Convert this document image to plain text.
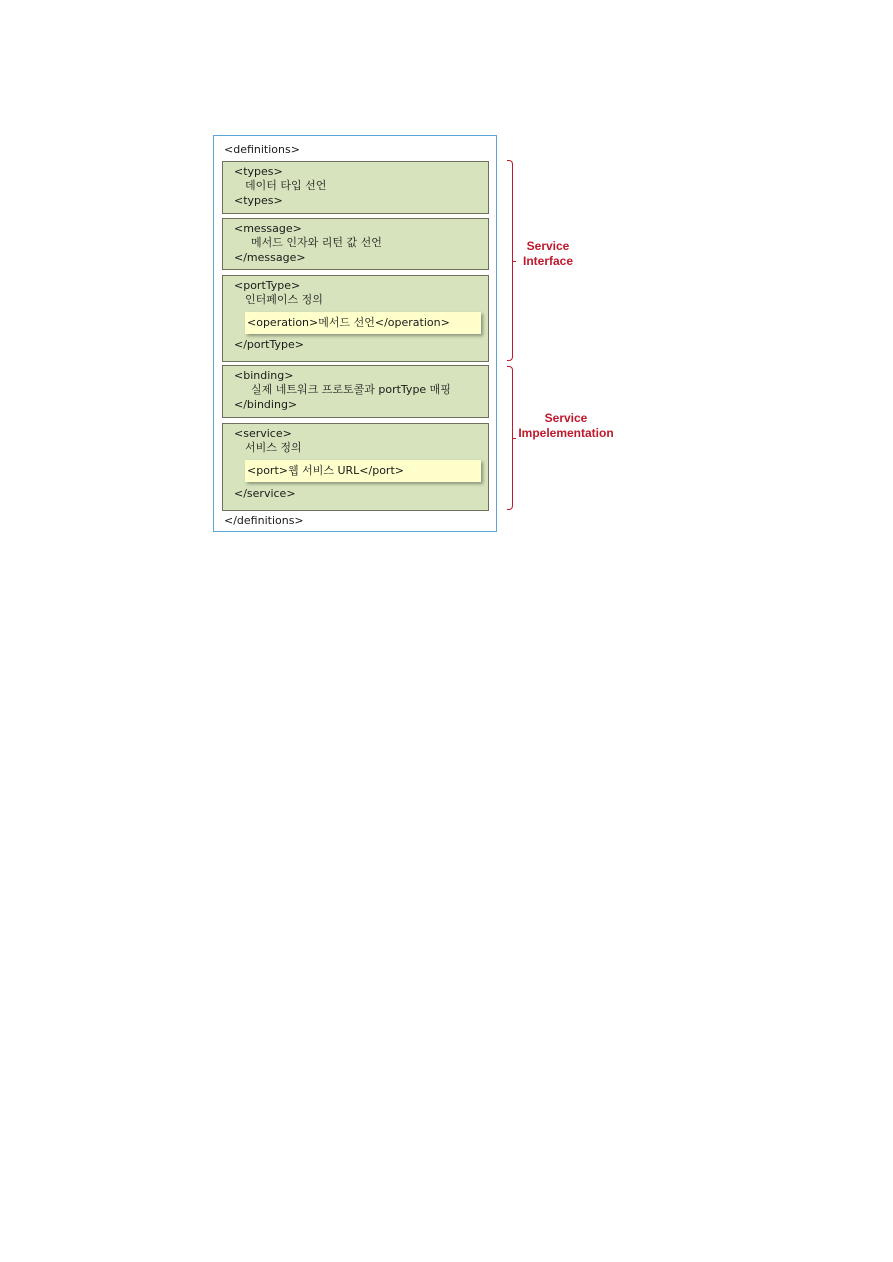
<definitions>
<types>
데이터 타입 선언
<types>
<message>
메서드 인자와 리턴 값 선언
</message>
<portType>
인터페이스 정의
<operation>메서드 선언</operation>
</portType>
<binding>
실제 네트워크 프로토콜과 portType 매핑
</binding>
<service>
서비스 정의
<port>웹 서비스 URL</port>
</service>
</definitions>
Service
Interface
Service
Impelementation
